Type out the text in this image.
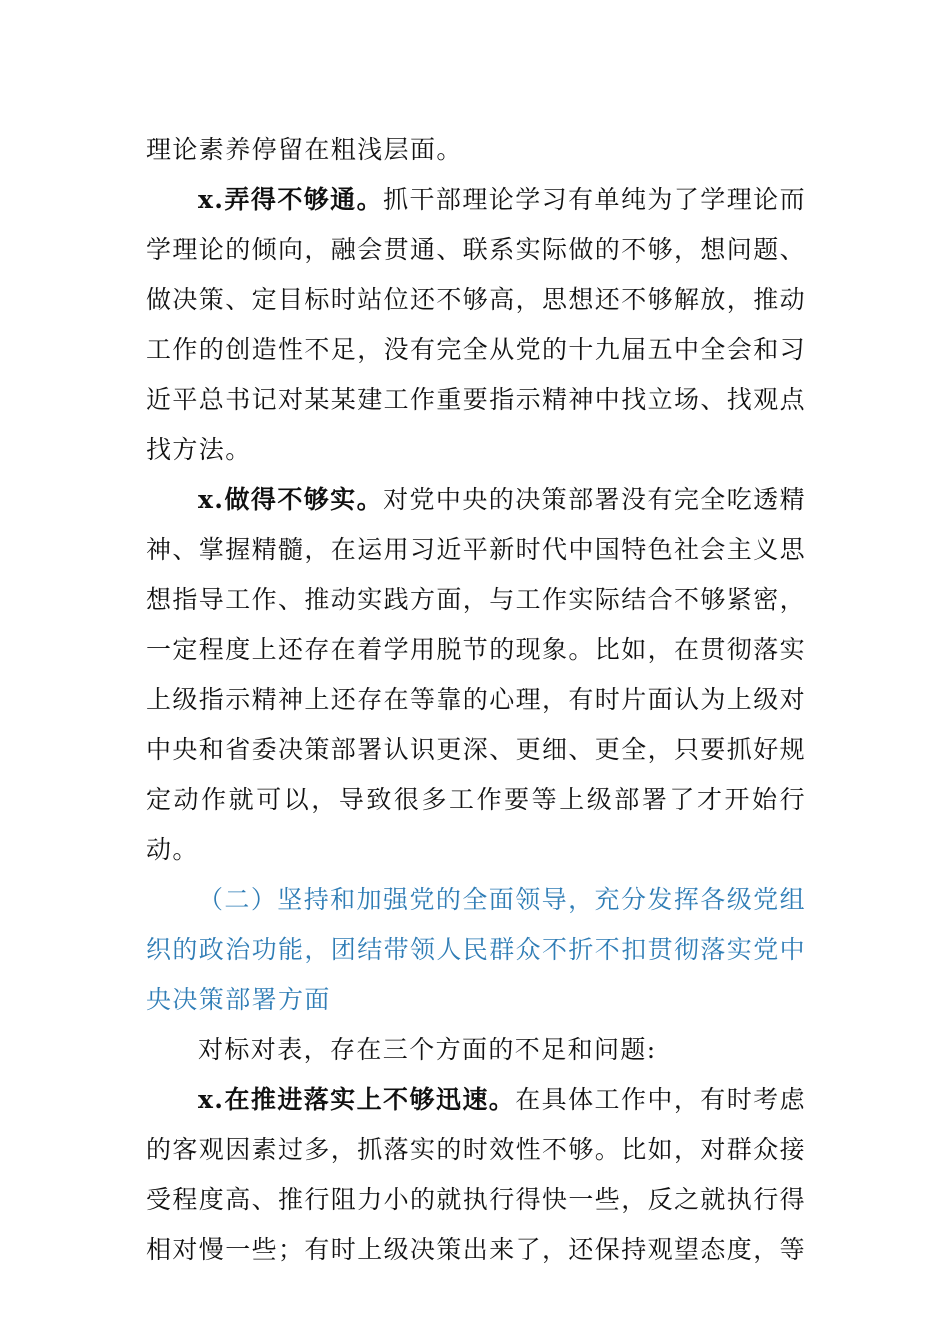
理论素养停留在粗浅层面。

x.弄得不够通。抓干部理论学习有单纯为了学理论而学理论的倾向，融会贯通、联系实际做的不够，想问题、做决策、定目标时站位还不够高，思想还不够解放，推动工作的创造性不足，没有完全从党的十九届五中全会和习近平总书记对某某建工作重要指示精神中找立场、找观点找方法。

x.做得不够实。对党中央的决策部署没有完全吃透精神、掌握精髓，在运用习近平新时代中国特色社会主义思想指导工作、推动实践方面，与工作实际结合不够紧密，一定程度上还存在着学用脱节的现象。比如，在贯彻落实上级指示精神上还存在等靠的心理，有时片面认为上级对中央和省委决策部署认识更深、更细、更全，只要抓好规定动作就可以，导致很多工作要等上级部署了才开始行动。

（二）坚持和加强党的全面领导，充分发挥各级党组织的政治功能，团结带领人民群众不折不扣贯彻落实党中央决策部署方面

对标对表，存在三个方面的不足和问题:

x.在推进落实上不够迅速。在具体工作中，有时考虑的客观因素过多，抓落实的时效性不够。比如，对群众接受程度高、推行阻力小的就执行得快一些，反之就执行得相对慢一些；有时上级决策出来了，还保持观望态度，等
